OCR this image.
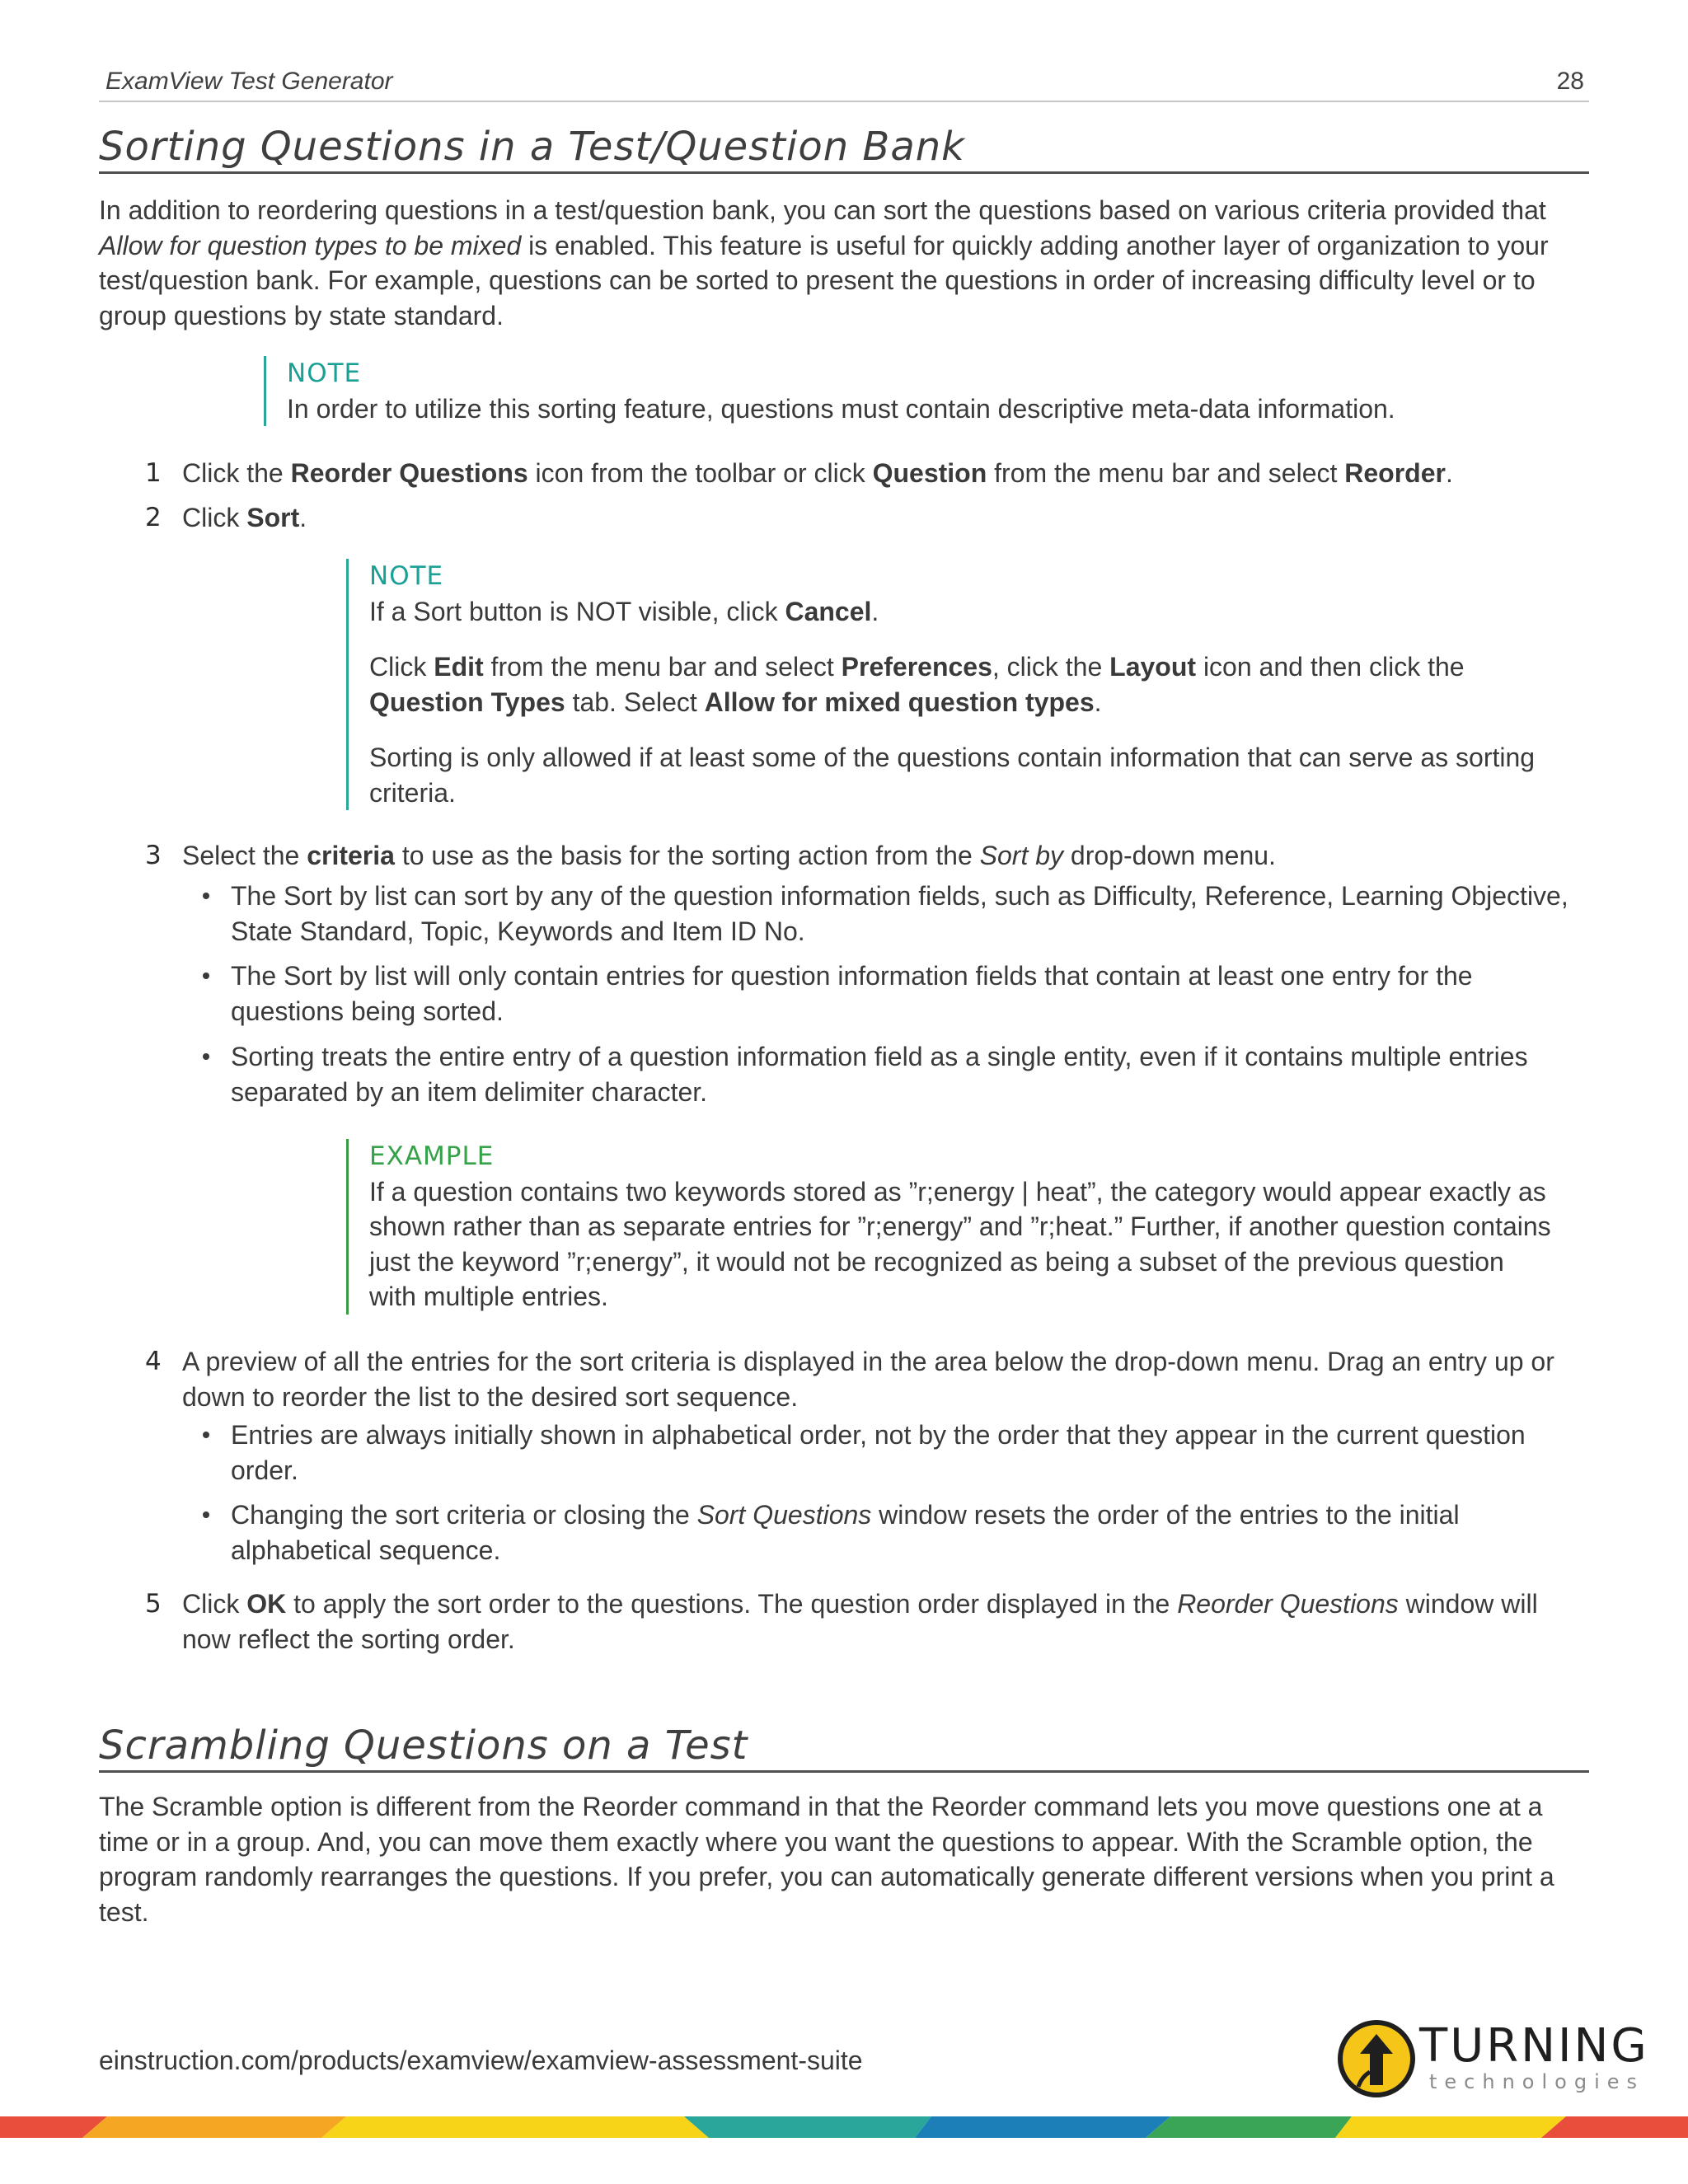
ExamView Test Generator	28
Sorting Questions in a Test/Question Bank
In addition to reordering questions in a test/question bank, you can sort the questions based on various criteria provided that Allow for question types to be mixed is enabled. This feature is useful for quickly adding another layer of organization to your test/question bank. For example, questions can be sorted to present the questions in order of increasing difficulty level or to group questions by state standard.
NOTE

In order to utilize this sorting feature, questions must contain descriptive meta-data information.

1 Click the Reorder Questions icon from the toolbar or click Question from the menu bar and select Reorder.
2 Click Sort.
NOTE

If a Sort button is NOT visible, click Cancel.

Click Edit from the menu bar and select Preferences, click the Layout icon and then click the Question Types tab. Select Allow for mixed question types.

Sorting is only allowed if at least some of the questions contain information that can serve as sorting criteria.

3 Select the criteria to use as the basis for the sorting action from the Sort by drop-down menu.
The Sort by list can sort by any of the question information fields, such as Difficulty, Reference, Learning Objective, State Standard, Topic, Keywords and Item ID No.
The Sort by list will only contain entries for question information fields that contain at least one entry for the questions being sorted.
Sorting treats the entire entry of a question information field as a single entity, even if it contains multiple entries separated by an item delimiter character.
EXAMPLE

If a question contains two keywords stored as ”r;energy | heat”, the category would appear exactly as shown rather than as separate entries for ”r;energy” and ”r;heat.” Further, if another question contains just the keyword ”r;energy”, it would not be recognized as being a subset of the previous question with multiple entries.

4 A preview of all the entries for the sort criteria is displayed in the area below the drop-down menu. Drag an entry up or down to reorder the list to the desired sort sequence.
Entries are always initially shown in alphabetical order, not by the order that they appear in the current question order.
Changing the sort criteria or closing the Sort Questions window resets the order of the entries to the initial alphabetical sequence.
5 Click OK to apply the sort order to the questions. The question order displayed in the Reorder Questions window will now reflect the sorting order.
Scrambling Questions on a Test
The Scramble option is different from the Reorder command in that the Reorder command lets you move questions one at a time or in a group. And, you can move them exactly where you want the questions to appear. With the Scramble option, the program randomly rearranges the questions. If you prefer, you can automatically generate different versions when you print a test.
einstruction.com/products/examview/examview-assessment-suite	TURNING
technologies
